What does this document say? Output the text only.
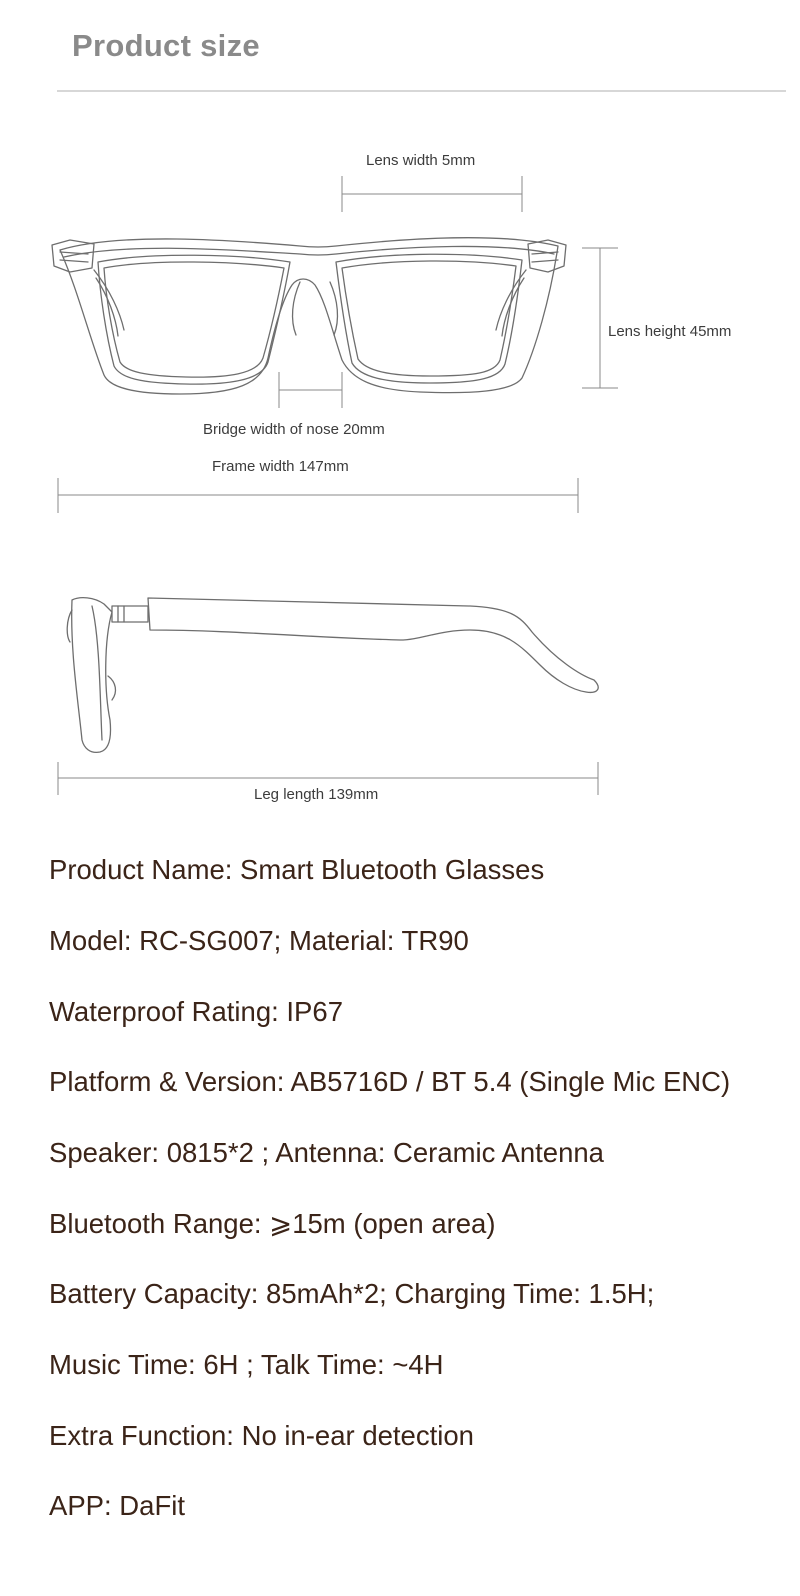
Product size
Lens width 5mm
Lens height 45mm
Bridge width of nose 20mm
Frame width 147mm
Leg length 139mm
Product Name: Smart Bluetooth Glasses
Model: RC-SG007; Material: TR90
Waterproof Rating: IP67
Platform & Version: AB5716D / BT 5.4 (Single Mic ENC)
Speaker: 0815*2 ; Antenna: Ceramic Antenna
Bluetooth Range: ⩾15m (open area)
Battery Capacity: 85mAh*2; Charging Time: 1.5H;
Music Time: 6H ; Talk Time: ~4H
Extra Function: No in-ear detection
APP: DaFit
